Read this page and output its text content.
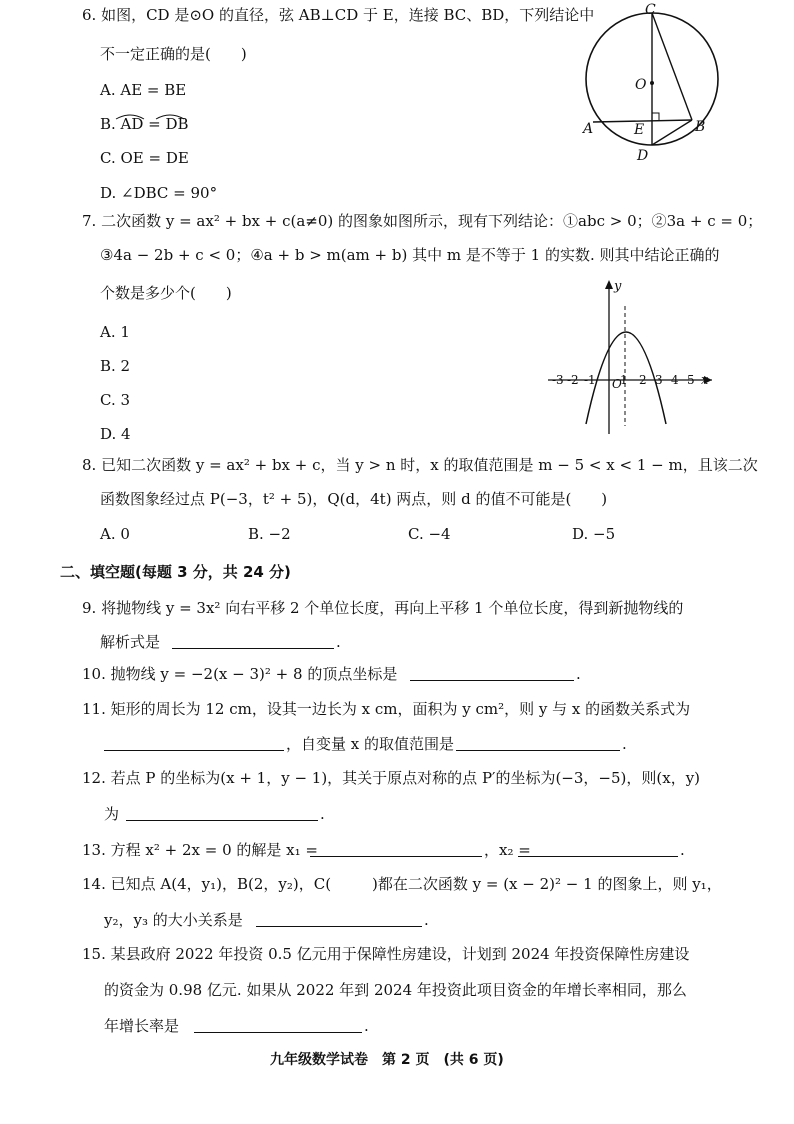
6. 如图，CD 是⊙O 的直径，弦 AB⊥CD 于 E，连接 BC、BD，下列结论中
不一定正确的是(　　)
A. AE = BE
B. AD = DB
C. OE = DE
D. ∠DBC = 90°
C
O
A	E	B
D
7. 二次函数 y = ax² + bx + c(a≠0) 的图象如图所示，现有下列结论：①abc > 0；②3a + c = 0；
③4a − 2b + c < 0；④a + b > m(am + b) 其中 m 是不等于 1 的实数. 则其中结论正确的
个数是多少个(　　)
A. 1
B. 2
C. 3
D. 4
y
x
O
-3 -2 -1 1 2 3 4 5
8. 已知二次函数 y = ax² + bx + c，当 y > n 时，x 的取值范围是 m − 5 < x < 1 − m，且该二次
函数图象经过点 P(−3，t² + 5)，Q(d，4t) 两点，则 d 的值不可能是(　　)
A. 0	B. −2	C. −4	D. −5
二、填空题(每题 3 分，共 24 分)
9. 将抛物线 y = 3x² 向右平移 2 个单位长度，再向上平移 1 个单位长度，得到新抛物线的
解析式是	.
10. 抛物线 y = −2(x − 3)² + 8 的顶点坐标是	.
11. 矩形的周长为 12 cm，设其一边长为 x cm，面积为 y cm²，则 y 与 x 的函数关系式为
，自变量 x 的取值范围是	.
12. 若点 P 的坐标为(x + 1，y − 1)，其关于原点对称的点 P′的坐标为(−3，−5)，则(x，y)
为	.
13. 方程 x² + 2x = 0 的解是 x₁ =	，x₂ =	.
14. 已知点 A(4，y₁)，B(2，y₂)，C(	)都在二次函数 y = (x − 2)² − 1 的图象上，则 y₁，
y₂，y₃ 的大小关系是	.
15. 某县政府 2022 年投资 0.5 亿元用于保障性房建设，计划到 2024 年投资保障性房建设
的资金为 0.98 亿元. 如果从 2022 年到 2024 年投资此项目资金的年增长率相同，那么
年增长率是	.
九年级数学试卷　第 2 页　(共 6 页)
